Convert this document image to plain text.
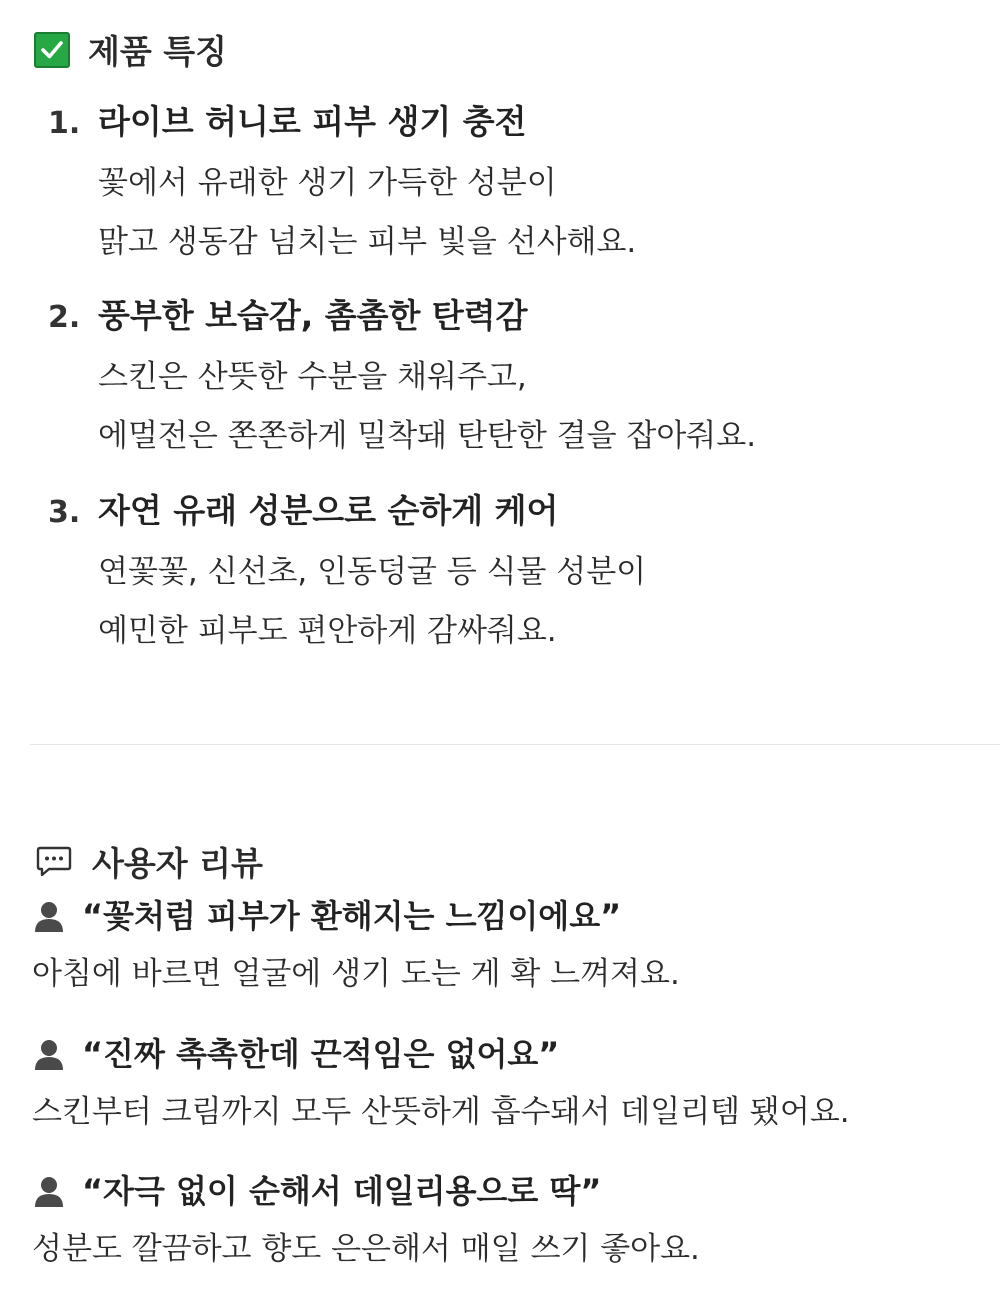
제품 특징
1. 라이브 허니로 피부 생기 충전
꽃에서 유래한 생기 가득한 성분이
맑고 생동감 넘치는 피부 빛을 선사해요.
2. 풍부한 보습감, 촘촘한 탄력감
스킨은 산뜻한 수분을 채워주고,
에멀전은 쫀쫀하게 밀착돼 탄탄한 결을 잡아줘요.
3. 자연 유래 성분으로 순하게 케어
연꽃꽃, 신선초, 인동덩굴 등 식물 성분이
예민한 피부도 편안하게 감싸줘요.
사용자 리뷰
“꽃처럼 피부가 환해지는 느낌이에요”
아침에 바르면 얼굴에 생기 도는 게 확 느껴져요.
“진짜 촉촉한데 끈적임은 없어요”
스킨부터 크림까지 모두 산뜻하게 흡수돼서 데일리템 됐어요.
“자극 없이 순해서 데일리용으로 딱”
성분도 깔끔하고 향도 은은해서 매일 쓰기 좋아요.
